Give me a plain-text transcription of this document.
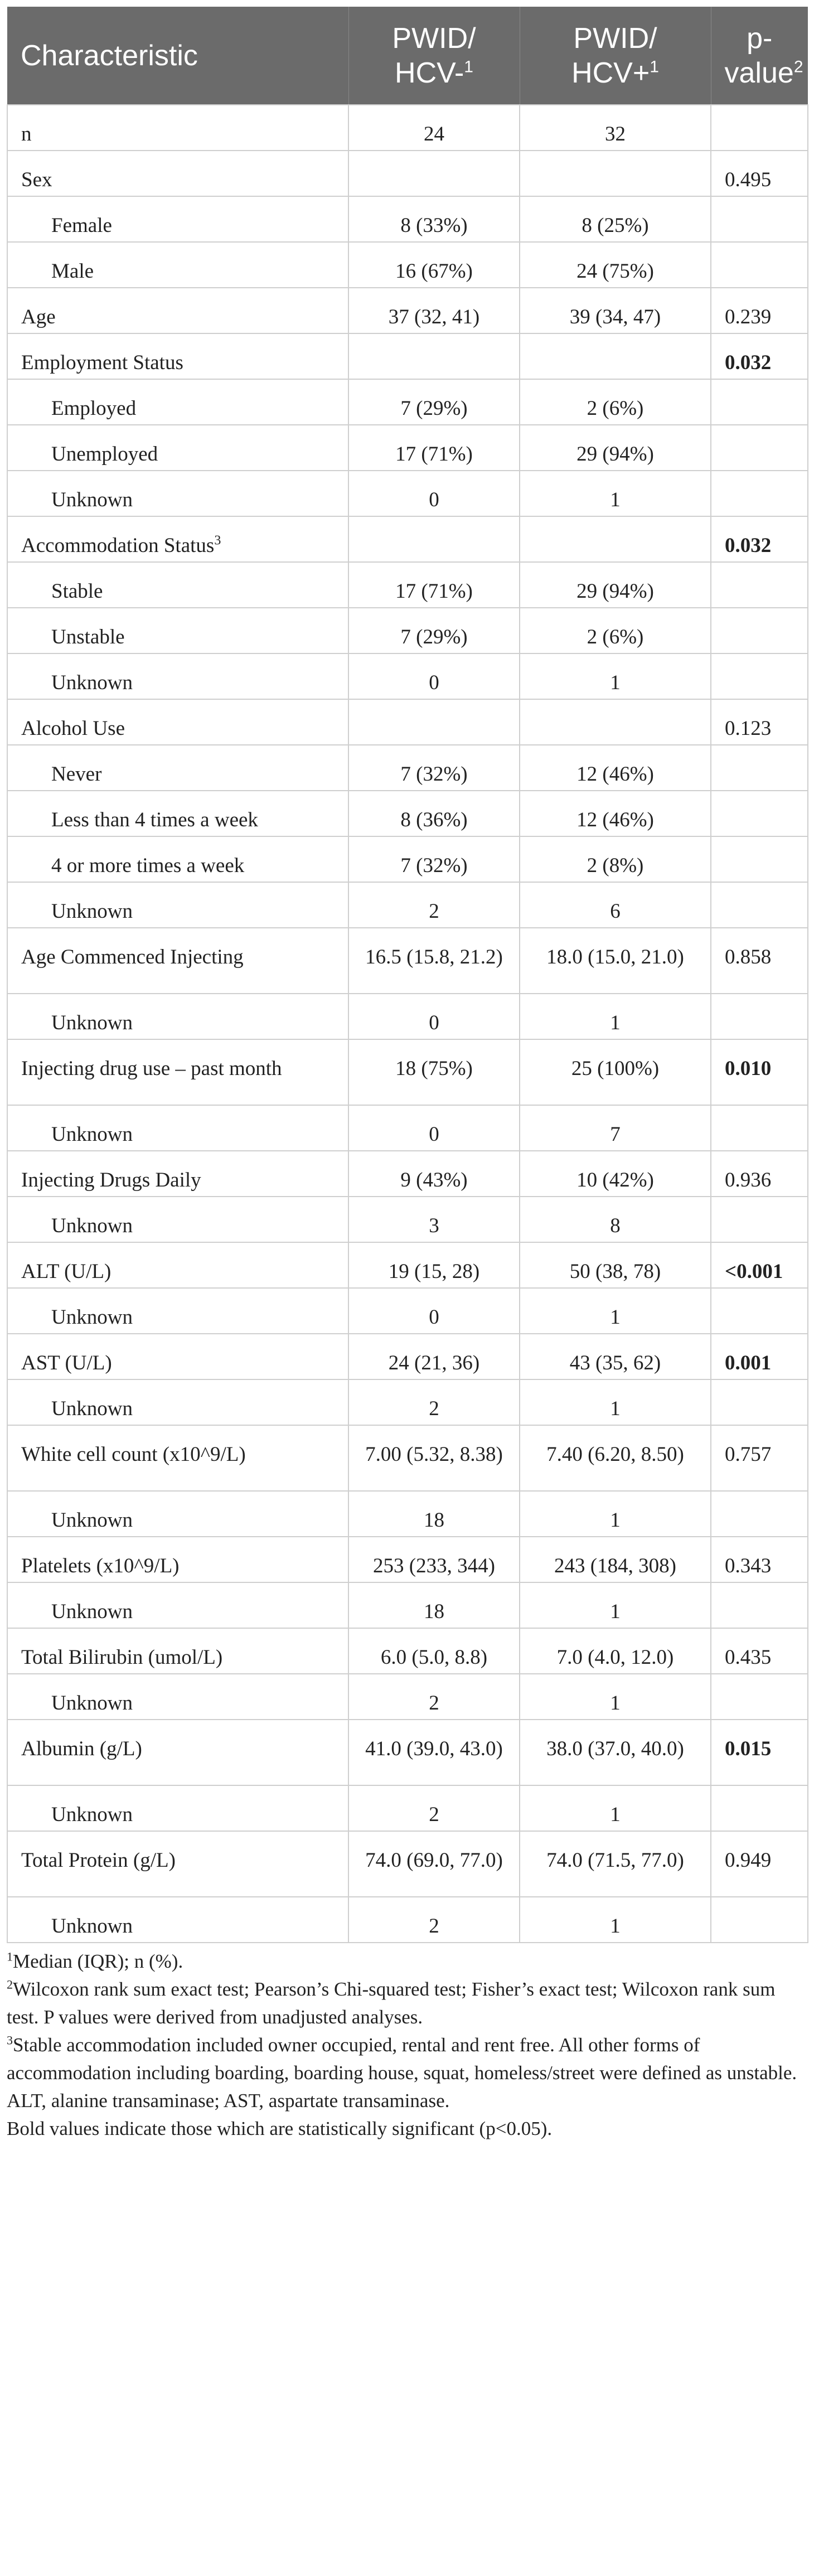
Characteristic	PWID/ HCV-$^1$	PWID/ HCV+$^1$	p-value$^2$
n	24	32	
Sex			0.495
Female	8 (33%)	8 (25%)	
Male	16 (67%)	24 (75%)	
Age	37 (32, 41)	39 (34, 47)	0.239
Employment Status			0.032
Employed	7 (29%)	2 (6%)	
Unemployed	17 (71%)	29 (94%)	
Unknown	0	1	
Accommodation Status$^3$			0.032
Stable	17 (71%)	29 (94%)	
Unstable	7 (29%)	2 (6%)	
Unknown	0	1	
Alcohol Use			0.123
Never	7 (32%)	12 (46%)	
Less than 4 times a week	8 (36%)	12 (46%)	
4 or more times a week	7 (32%)	2 (8%)	
Unknown	2	6	
Age Commenced Injecting	16.5 (15.8, 21.2)	18.0 (15.0, 21.0)	0.858
Unknown	0	1	
Injecting drug use – past month	18 (75%)	25 (100%)	0.010
Unknown	0	7	
Injecting Drugs Daily	9 (43%)	10 (42%)	0.936
Unknown	3	8	
ALT (U/L)	19 (15, 28)	50 (38, 78)	<0.001
Unknown	0	1	
AST (U/L)	24 (21, 36)	43 (35, 62)	0.001
Unknown	2	1	
White cell count (x10^9/L)	7.00 (5.32, 8.38)	7.40 (6.20, 8.50)	0.757
Unknown	18	1	
Platelets (x10^9/L)	253 (233, 344)	243 (184, 308)	0.343
Unknown	18	1	
Total Bilirubin (umol/L)	6.0 (5.0, 8.8)	7.0 (4.0, 12.0)	0.435
Unknown	2	1	
Albumin (g/L)	41.0 (39.0, 43.0)	38.0 (37.0, 40.0)	0.015
Unknown	2	1	
Total Protein (g/L)	74.0 (69.0, 77.0)	74.0 (71.5, 77.0)	0.949
Unknown	2	1	

$^1$Median (IQR); n (%).

$^2$Wilcoxon rank sum exact test; Pearson’s Chi-squared test; Fisher’s exact test; Wilcoxon rank sum test. P values were derived from unadjusted analyses.

$^3$Stable accommodation included owner occupied, rental and rent free. All other forms of accommodation including boarding, boarding house, squat, homeless/street were defined as unstable.

ALT, alanine transaminase; AST, aspartate transaminase.

Bold values indicate those which are statistically significant (p<0.05).
